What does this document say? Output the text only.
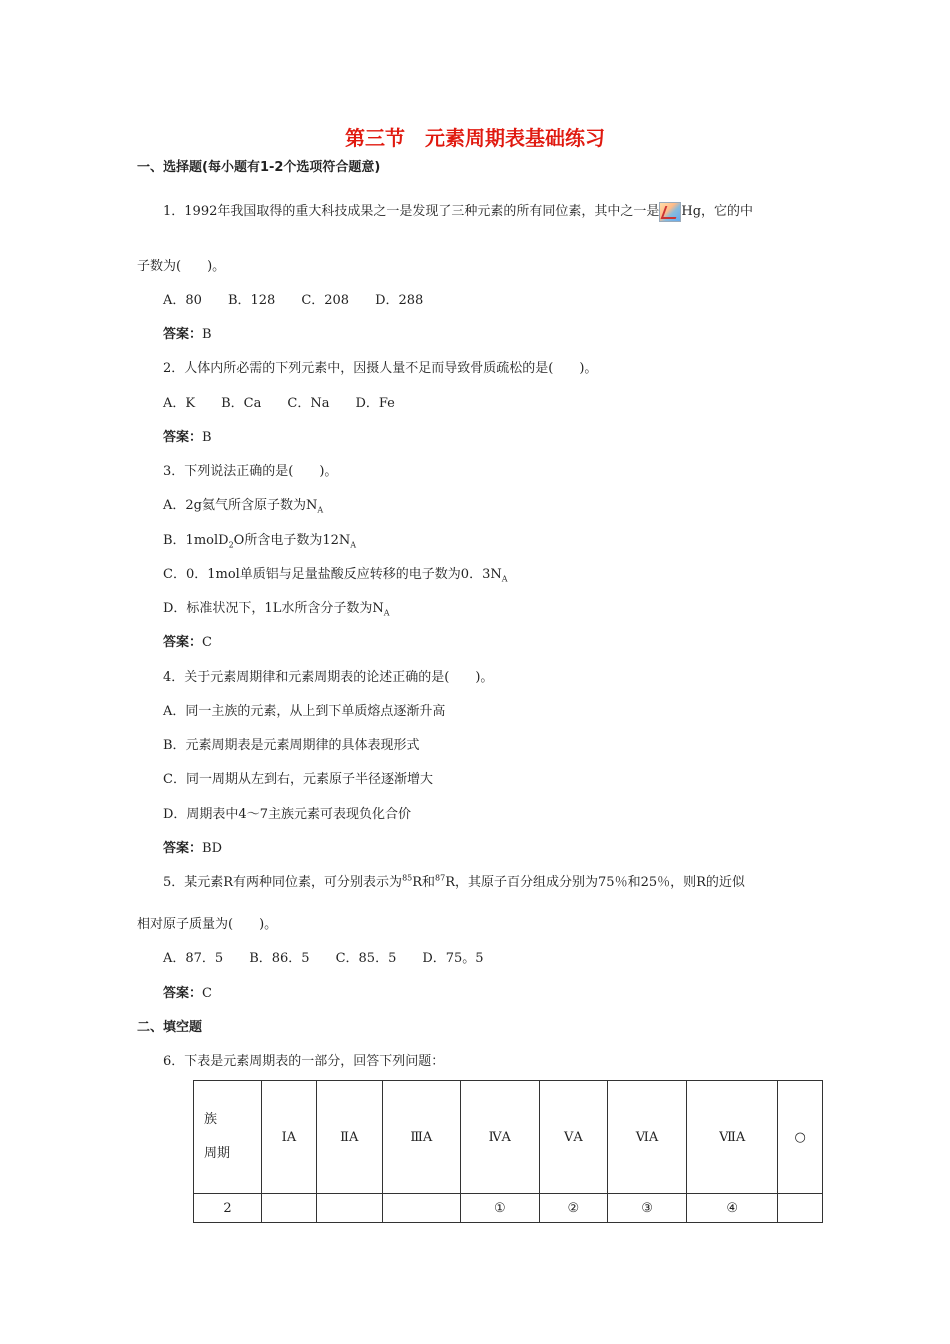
第三节　元素周期表基础练习
一、选择题(每小题有1-2个选项符合题意)
1．1992年我国取得的重大科技成果之一是发现了三种元素的所有同位素，其中之一是 Hg，它的中
子数为(　　)。
A．80 B．128 C．208 D．288
答案：B
2．人体内所必需的下列元素中，因摄人量不足而导致骨质疏松的是(　　)。
A．K B．Ca C．Na D．Fe
答案：B
3．下列说法正确的是(　　)。
A．2g氦气所含原子数为$N_A$
B．1molD$_2$O所含电子数为$12N_A$
C．0．1mol单质铝与足量盐酸反应转移的电子数为0．$3N_A$
D．标准状况下，1L水所含分子数为$N_A$
答案：C
4．关于元素周期律和元素周期表的论述正确的是(　　)。
A．同一主族的元素，从上到下单质熔点逐渐升高
B．元素周期表是元素周期律的具体表现形式
C．同一周期从左到右，元素原子半径逐渐增大
D．周期表中4～7主族元素可表现负化合价
答案：BD
5．某元素R有两种同位素，可分别表示为$^{85}$R和$^{87}$R，其原子百分组成分别为75％和25％，则R的近似
相对原子质量为(　　)。
A．87．5 B．86．5 C．85．5 D．75。5
答案：C
二、填空题
6．下表是元素周期表的一部分，回答下列问题：
族
周期	ⅠA	ⅡA	ⅢA	ⅣA	ⅤA	ⅥA	ⅦA	○
2				①	②	③	④	
